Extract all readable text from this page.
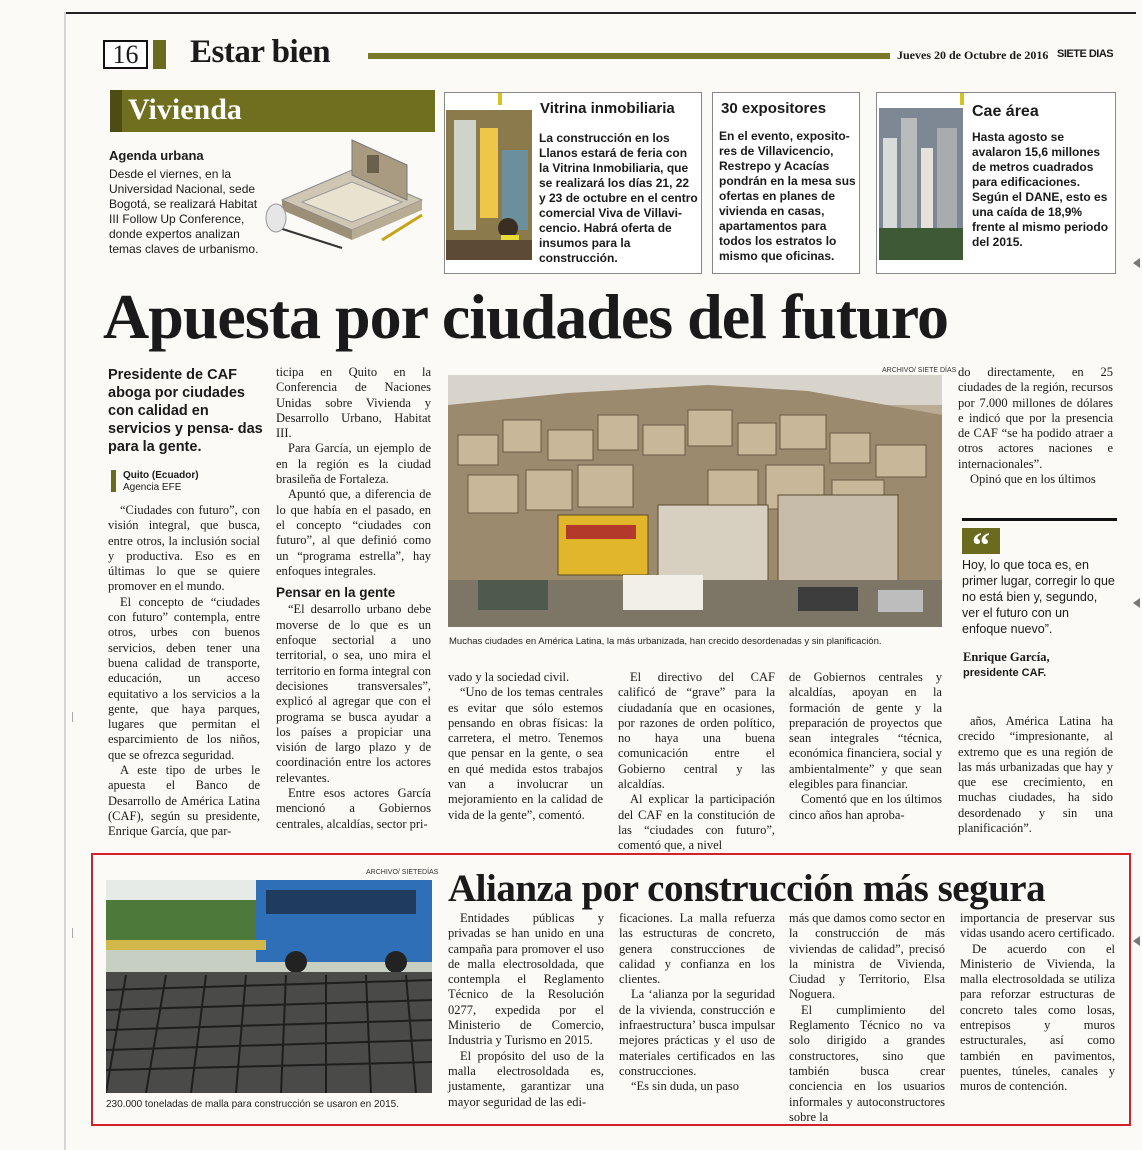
16 Estar bien	Jueves 20 de Octubre de 2016 SIETE DIAS
Vivienda
Agenda urbana
Desde el viernes, en la Universidad Nacional, sede Bogotá, se realizará Habitat III Follow Up Conference, donde expertos analizan temas claves de urbanismo.
Vitrina inmobiliaria
La construcción en los Llanos estará de feria con la Vitrina Inmobiliaria, que se realizará los días 21, 22 y 23 de octubre en el centro comercial Viva de Villavi- cencio. Habrá oferta de insumos para la construcción.
30 expositores
En el evento, exposito- res de Villavicencio, Restrepo y Acacías pondrán en la mesa sus ofertas en planes de vivienda en casas, apartamentos para todos los estratos lo mismo que oficinas.
Cae área
Hasta agosto se avalaron 15,6 millones de metros cuadrados para edificaciones. Según el DANE, esto es una caída de 18,9% frente al mismo periodo del 2015.
Apuesta por ciudades del futuro
Presidente de CAF aboga por ciudades con calidad en servicios y pensa- das para la gente.
Quito (Ecuador)
Agencia EFE

“Ciudades con futuro”, con visión integral, que busca, entre otros, la inclusión social y productiva. Eso es en últimas lo que se quiere promover en el mundo.

El concepto de “ciudades con futuro” contempla, entre otros, urbes con buenos servicios, deben tener una buena calidad de transporte, educación, un acceso equitativo a los servicios a la gente, que haya parques, lugares que permitan el esparcimiento de los niños, que se ofrezca seguridad.

A este tipo de urbes le apuesta el Banco de Desarrollo de América Latina (CAF), según su presidente, Enrique García, que par-

ticipa en Quito en la Conferencia de Naciones Unidas sobre Vivienda y Desarrollo Urbano, Habitat III.

Para García, un ejemplo de en la región es la ciudad brasileña de Fortaleza.

Apuntó que, a diferencia de lo que había en el pasado, en el concepto “ciudades con futuro”, al que definió como un “programa estrella”, hay enfoques integrales.

Pensar en la gente

“El desarrollo urbano debe moverse de lo que es un enfoque sectorial a uno territorial, o sea, uno mira el territorio en forma integral con decisiones transversales”, explicó al agregar que con el programa se busca ayudar a los países a propiciar una visión de largo plazo y de coordinación entre los actores relevantes.

Entre esos actores García mencionó a Gobiernos centrales, alcaldías, sector pri-

ARCHIVO/ SIETE DÍAS
Muchas ciudades en América Latina, la más urbanizada, han crecido desordenadas y sin planificación.

vado y la sociedad civil.

“Uno de los temas centrales es evitar que sólo estemos pensando en obras físicas: la carretera, el metro. Tenemos que pensar en la gente, o sea en qué medida estos trabajos van a involucrar un mejoramiento en la calidad de vida de la gente”, comentó.

El directivo del CAF calificó de “grave” para la ciudadanía que en ocasiones, por razones de orden político, no haya una buena comunicación entre el Gobierno central y las alcaldías.

Al explicar la participación del CAF en la constitución de las “ciudades con futuro”, comentó que, a nivel

de Gobiernos centrales y alcaldías, apoyan en la formación de gente y la preparación de proyectos que sean integrales “técnica, económica financiera, social y ambientalmente” y que sean elegibles para financiar.

Comentó que en los últimos cinco años han aproba-

do directamente, en 25 ciudades de la región, recursos por 7.000 millones de dólares e indicó que por la presencia de CAF “se ha podido atraer a otros actores naciones e internacionales”.

Opinó que en los últimos

“
Hoy, lo que toca es, en primer lugar, corregir lo que no está bien y, segundo, ver el futuro con un enfoque nuevo”.
Enrique García,
presidente CAF.

años, América Latina ha crecido “impresionante, al extremo que es una región de las más urbanizadas que hay y que ese crecimiento, en muchas ciudades, ha sido desordenado y sin una planificación”.

ARCHIVO/ SIETEDÍAS
230.000 toneladas de malla para construcción se usaron en 2015.
Alianza por construcción más segura

Entidades públicas y privadas se han unido en una campaña para promover el uso de malla electrosoldada, que contempla el Reglamento Técnico de la Resolución 0277, expedida por el Ministerio de Comercio, Industria y Turismo en 2015.

El propósito del uso de la malla electrosoldada es, justamente, garantizar una mayor seguridad de las edi-

ficaciones. La malla refuerza las estructuras de concreto, genera construcciones de calidad y confianza en los clientes.

La ‘alianza por la seguridad de la vivienda, construcción e infraestructura’ busca impulsar mejores prácticas y el uso de materiales certificados en las construcciones.

“Es sin duda, un paso

más que damos como sector en la construcción de más viviendas de calidad”, precisó la ministra de Vivienda, Ciudad y Territorio, Elsa Noguera.

El cumplimiento del Reglamento Técnico no va solo dirigido a grandes constructores, sino que también busca crear conciencia en los usuarios informales y autoconstructores sobre la

importancia de preservar sus vidas usando acero certificado.

De acuerdo con el Ministerio de Vivienda, la malla electrosoldada se utiliza para reforzar estructuras de concreto tales como losas, entrepisos y muros estructurales, así como también en pavimentos, puentes, túneles, canales y muros de contención.
